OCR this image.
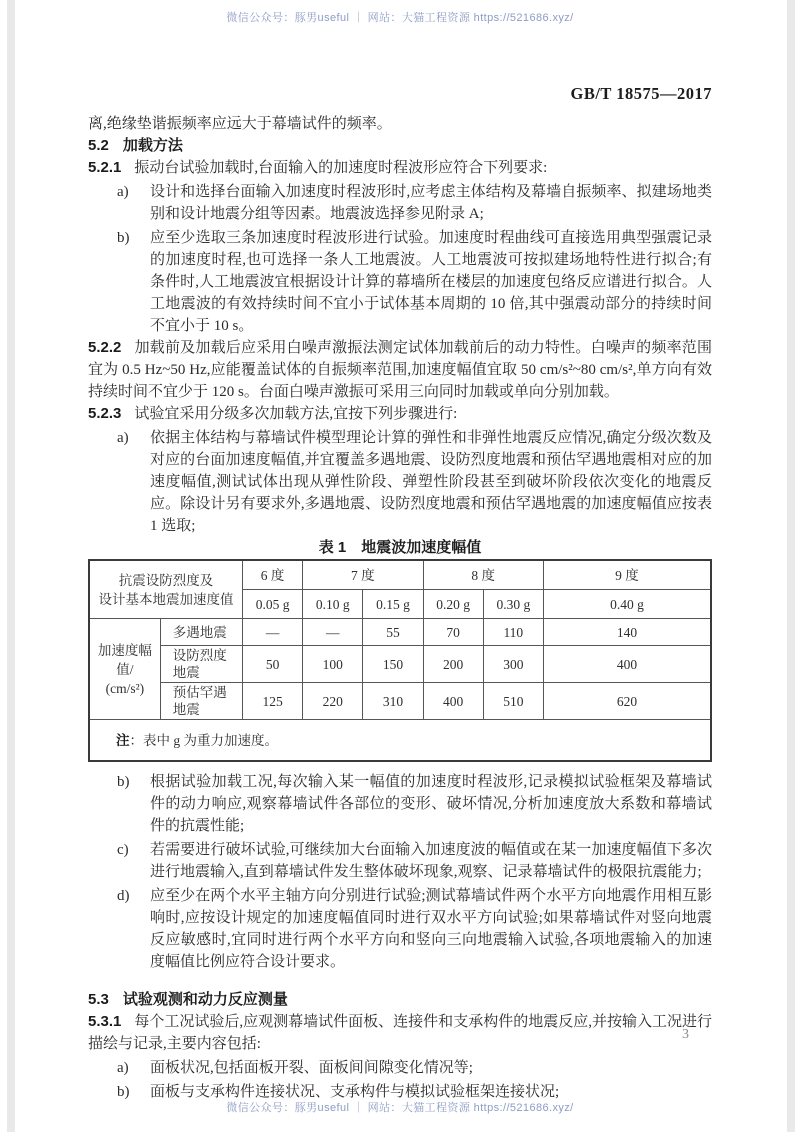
微信公众号：豚男useful ｜ 网站：大猫工程资源 https://521686.xyz/
GB/T 18575—2017

离,绝缘垫谐振频率应远大于幕墙试件的频率。

5.2 加载方法

5.2.1 振动台试验加载时,台面输入的加速度时程波形应符合下列要求:

a) 设计和选择台面输入加速度时程波形时,应考虑主体结构及幕墙自振频率、拟建场地类别和设计地震分组等因素。地震波选择参见附录 A;
b) 应至少选取三条加速度时程波形进行试验。加速度时程曲线可直接选用典型强震记录的加速度时程,也可选择一条人工地震波。人工地震波可按拟建场地特性进行拟合;有条件时,人工地震波宜根据设计计算的幕墙所在楼层的加速度包络反应谱进行拟合。人工地震波的有效持续时间不宜小于试体基本周期的 10 倍,其中强震动部分的持续时间不宜小于 10 s。

5.2.2 加载前及加载后应采用白噪声激振法测定试体加载前后的动力特性。白噪声的频率范围宜为 0.5 Hz~50 Hz,应能覆盖试体的自振频率范围,加速度幅值宜取 50 cm/s²~80 cm/s²,单方向有效持续时间不宜少于 120 s。台面白噪声激振可采用三向同时加载或单向分别加载。

5.2.3 试验宜采用分级多次加载方法,宜按下列步骤进行:

a) 依据主体结构与幕墙试件模型理论计算的弹性和非弹性地震反应情况,确定分级次数及对应的台面加速度幅值,并宜覆盖多遇地震、设防烈度地震和预估罕遇地震相对应的加速度幅值,测试试体出现从弹性阶段、弹塑性阶段甚至到破坏阶段依次变化的地震反应。除设计另有要求外,多遇地震、设防烈度地震和预估罕遇地震的加速度幅值应按表 1 选取;

表 1　地震波加速度幅值

抗震设防烈度及
设计基本地震加速度值		6 度	7 度		8 度		9 度
		0.05 g	0.10 g	0.15 g	0.20 g	0.30 g	0.40 g

加速度幅值/
(cm/s²)	多遇地震	—	—	55	70	110	140
	设防烈度地震	50	100	150	200	300	400
	预估罕遇地震	125	220	310	400	510	620
注：表中 g 为重力加速度。							
b) 根据试验加载工况,每次输入某一幅值的加速度时程波形,记录模拟试验框架及幕墙试件的动力响应,观察幕墙试件各部位的变形、破坏情况,分析加速度放大系数和幕墙试件的抗震性能;
c) 若需要进行破坏试验,可继续加大台面输入加速度波的幅值或在某一加速度幅值下多次进行地震输入,直到幕墙试件发生整体破坏现象,观察、记录幕墙试件的极限抗震能力;
d) 应至少在两个水平主轴方向分别进行试验;测试幕墙试件两个水平方向地震作用相互影响时,应按设计规定的加速度幅值同时进行双水平方向试验;如果幕墙试件对竖向地震反应敏感时,宜同时进行两个水平方向和竖向三向地震输入试验,各项地震输入的加速度幅值比例应符合设计要求。

5.3 试验观测和动力反应测量

5.3.1 每个工况试验后,应观测幕墙试件面板、连接件和支承构件的地震反应,并按输入工况进行描绘与记录,主要内容包括:

a) 面板状况,包括面板开裂、面板间间隙变化情况等;
b) 面板与支承构件连接状况、支承构件与模拟试验框架连接状况;
3
微信公众号：豚男useful ｜ 网站：大猫工程资源 https://521686.xyz/
